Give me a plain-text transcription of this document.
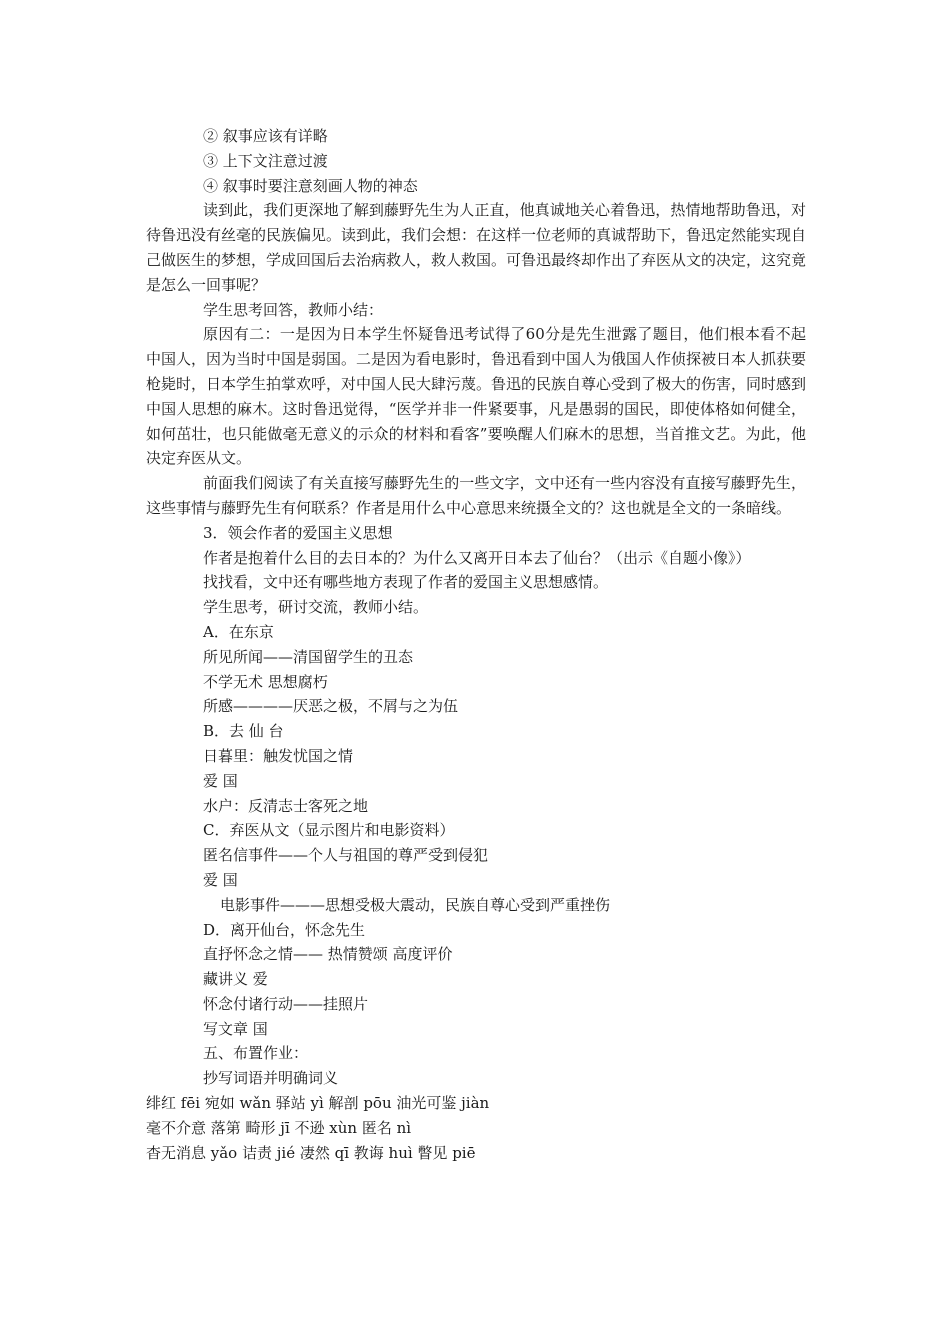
② 叙事应该有详略
③ 上下文注意过渡
④ 叙事时要注意刻画人物的神态
读到此，我们更深地了解到藤野先生为人正直，他真诚地关心着鲁迅，热情地帮助鲁迅，对待鲁迅没有丝毫的民族偏见。读到此，我们会想：在这样一位老师的真诚帮助下，鲁迅定然能实现自己做医生的梦想，学成回国后去治病救人，救人救国。可鲁迅最终却作出了弃医从文的决定，这究竟是怎么一回事呢？
学生思考回答，教师小结：
原因有二：一是因为日本学生怀疑鲁迅考试得了60分是先生泄露了题目，他们根本看不起中国人，因为当时中国是弱国。二是因为看电影时，鲁迅看到中国人为俄国人作侦探被日本人抓获要枪毙时，日本学生拍掌欢呼，对中国人民大肆污蔑。鲁迅的民族自尊心受到了极大的伤害，同时感到中国人思想的麻木。这时鲁迅觉得，“医学并非一件紧要事，凡是愚弱的国民，即使体格如何健全，如何茁壮，也只能做毫无意义的示众的材料和看客”要唤醒人们麻木的思想，当首推文艺。为此，他决定弃医从文。
前面我们阅读了有关直接写藤野先生的一些文字，文中还有一些内容没有直接写藤野先生，这些事情与藤野先生有何联系？作者是用什么中心意思来统摄全文的？这也就是全文的一条暗线。
3．领会作者的爱国主义思想
作者是抱着什么目的去日本的？为什么又离开日本去了仙台？（出示《自题小像》）
找找看，文中还有哪些地方表现了作者的爱国主义思想感情。
学生思考，研讨交流，教师小结。
A．在东京
所见所闻——清国留学生的丑态
不学无术 思想腐朽
所感————厌恶之极，不屑与之为伍
B．去 仙 台
日暮里：触发忧国之情
爱 国
水户：反清志士客死之地
C．弃医从文（显示图片和电影资料）
匿名信事件——个人与祖国的尊严受到侵犯
爱 国
电影事件———思想受极大震动，民族自尊心受到严重挫伤
D．离开仙台，怀念先生
直抒怀念之情—— 热情赞颂 高度评价
藏讲义 爱
怀念付诸行动——挂照片
写文章 国
五、布置作业：
抄写词语并明确词义
绯红 fēi 宛如 wǎn 驿站 yì 解剖 pōu 油光可鉴 jiàn
毫不介意 落第 畸形 jī 不逊 xùn 匿名 nì
杳无消息 yǎo 诘责 jié 凄然 qī 教诲 huì 瞥见 piē
